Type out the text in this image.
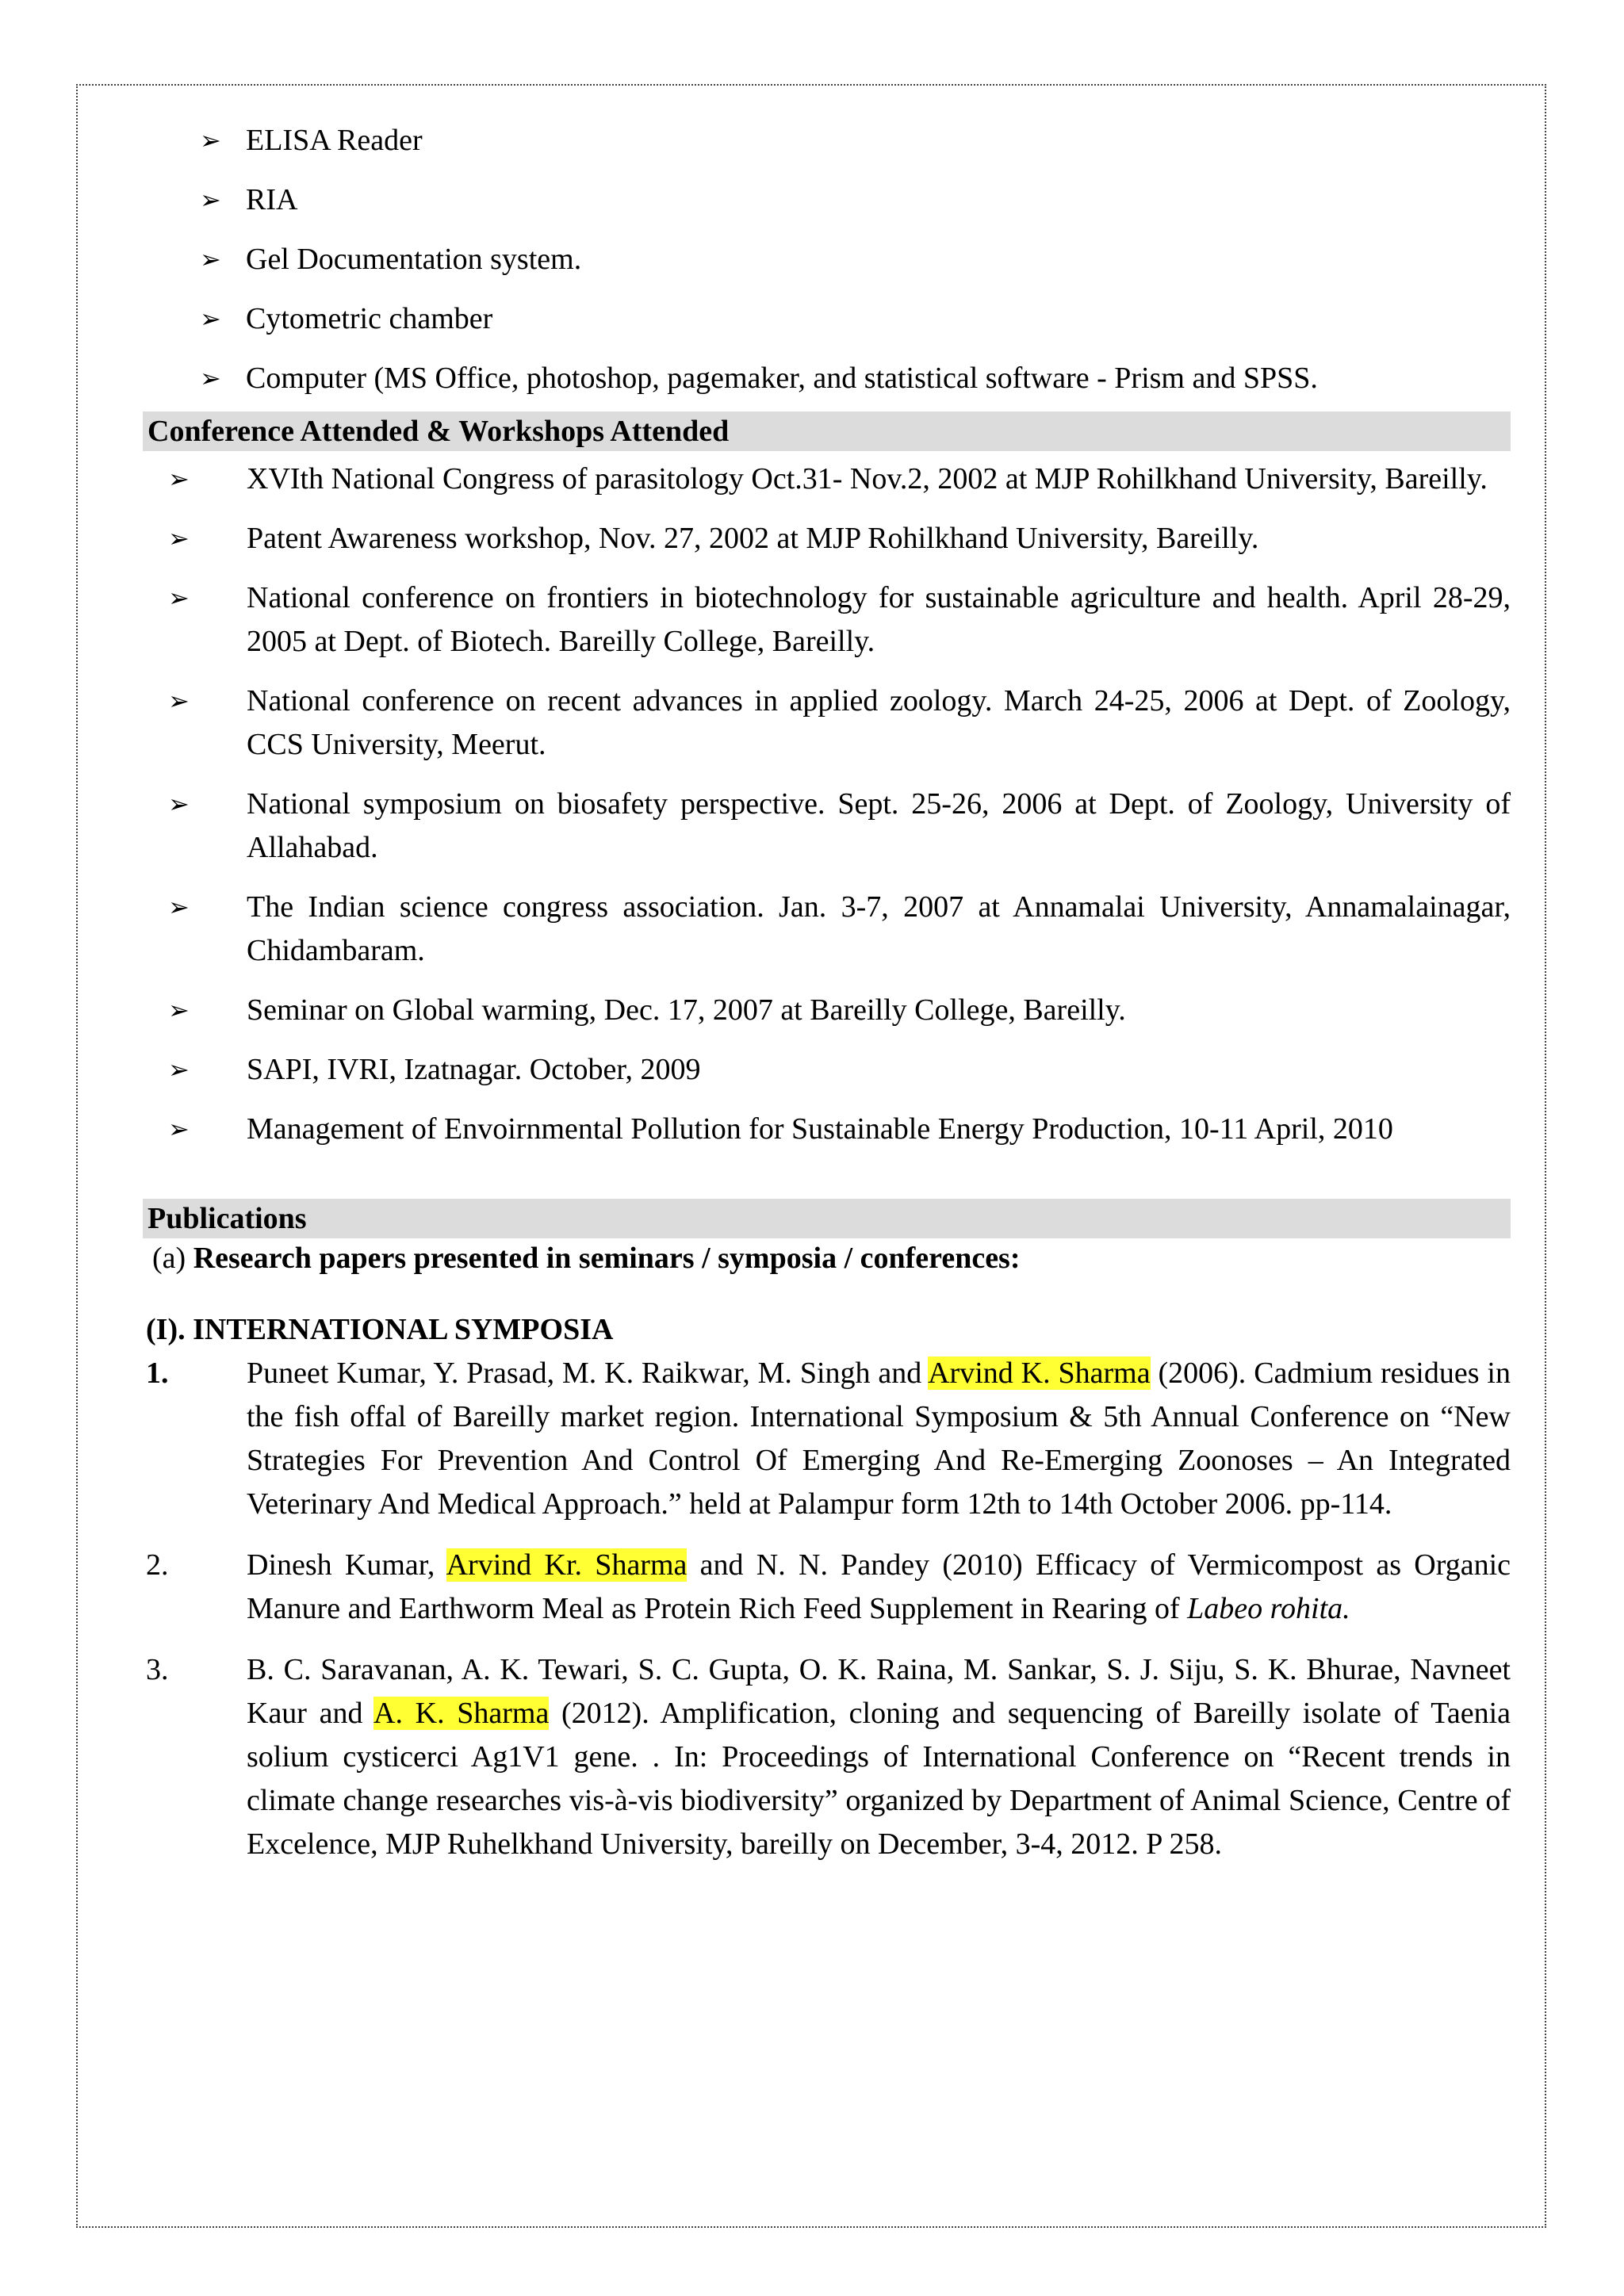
➢ ELISA Reader
➢ RIA
➢ Gel Documentation system.
➢ Cytometric chamber
➢ Computer (MS Office, photoshop, pagemaker, and statistical software - Prism and SPSS.
Conference Attended & Workshops Attended
➢ XVIth National Congress of parasitology Oct.31- Nov.2, 2002 at MJP Rohilkhand University, Bareilly.
➢ Patent Awareness workshop, Nov. 27, 2002 at MJP Rohilkhand University, Bareilly.
➢ National conference on frontiers in biotechnology for sustainable agriculture and health. April 28-29, 2005 at Dept. of Biotech. Bareilly College, Bareilly.
➢ National conference on recent advances in applied zoology. March 24-25, 2006 at Dept. of Zoology, CCS University, Meerut.
➢ National symposium on biosafety perspective. Sept. 25-26, 2006 at Dept. of Zoology, University of Allahabad.
➢ The Indian science congress association. Jan. 3-7, 2007 at Annamalai University, Annamalainagar, Chidambaram.
➢ Seminar on Global warming, Dec. 17, 2007 at Bareilly College, Bareilly.
➢ SAPI, IVRI, Izatnagar. October, 2009
➢ Management of Envoirnmental Pollution for Sustainable Energy Production, 10-11 April, 2010
Publications
(a) Research papers presented in seminars / symposia / conferences:
(I). INTERNATIONAL SYMPOSIA
1.	Puneet Kumar, Y. Prasad, M. K. Raikwar, M. Singh and Arvind K. Sharma (2006). Cadmium residues in the fish offal of Bareilly market region. International Symposium & 5th Annual Conference on “New Strategies For Prevention And Control Of Emerging And Re-Emerging Zoonoses – An Integrated Veterinary And Medical Approach.” held at Palampur form 12th to 14th October 2006. pp-114.
2.	Dinesh Kumar, Arvind Kr. Sharma and N. N. Pandey (2010) Efficacy of Vermicompost as Organic Manure and Earthworm Meal as Protein Rich Feed Supplement in Rearing of Labeo rohita.
3.	B. C. Saravanan, A. K. Tewari, S. C. Gupta, O. K. Raina, M. Sankar, S. J. Siju, S. K. Bhurae, Navneet Kaur and A. K. Sharma (2012). Amplification, cloning and sequencing of Bareilly isolate of Taenia solium cysticerci Ag1V1 gene. . In: Proceedings of International Conference on “Recent trends in climate change researches vis-à-vis biodiversity” organized by Department of Animal Science, Centre of Excelence, MJP Ruhelkhand University, bareilly on December, 3-4, 2012. P 258.
